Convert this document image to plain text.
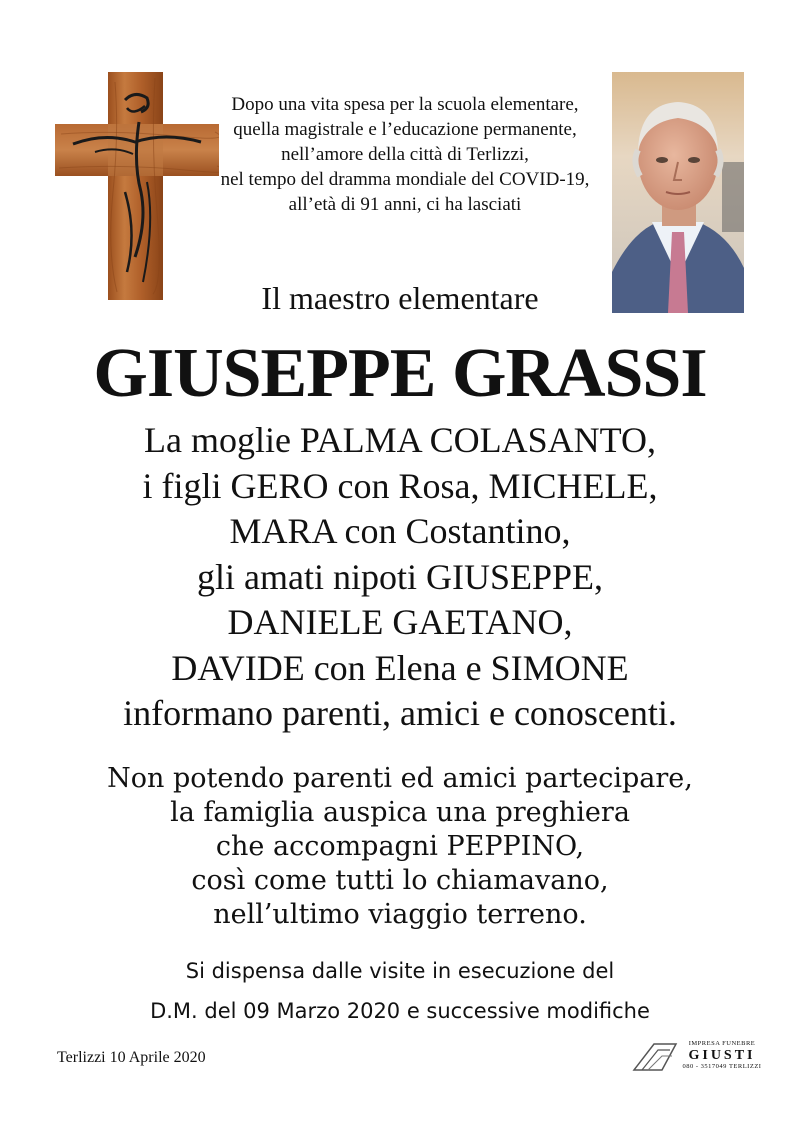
Dopo una vita spesa per la scuola elementare,
quella magistrale e l’educazione permanente,
nell’amore della città di Terlizzi,
nel tempo del dramma mondiale del COVID-19,
all’età di 91 anni, ci ha lasciati
Il maestro elementare
GIUSEPPE GRASSI
La moglie PALMA COLASANTO,
i figli GERO con Rosa, MICHELE,
MARA con Costantino,
gli amati nipoti GIUSEPPE,
DANIELE GAETANO,
DAVIDE con Elena e SIMONE
informano parenti, amici e conoscenti.
Non potendo parenti ed amici partecipare,
la famiglia auspica una preghiera
che accompagni PEPPINO,
così come tutti lo chiamavano,
nell’ultimo viaggio terreno.
Si dispensa dalle visite in esecuzione del
D.M. del 09 Marzo 2020 e successive modifiche
Terlizzi 10 Aprile 2020
IMPRESA FUNEBRE
GIUSTI
080 - 3517049 TERLIZZI
